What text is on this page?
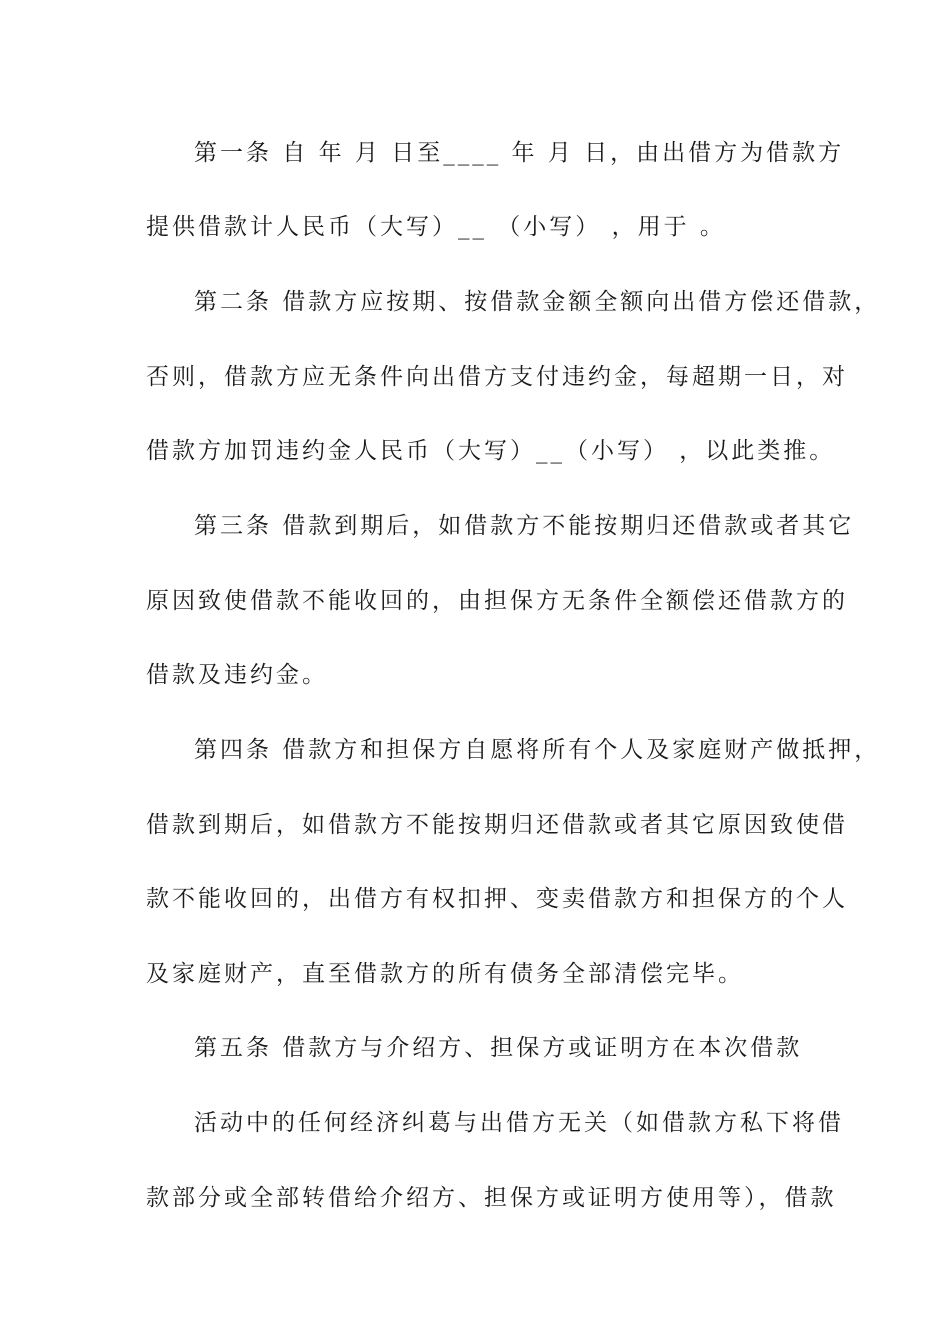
第一条 自 年 月 日至____ 年 月 日，由出借方为借款方
提供借款计人民币（大写）__ （小写） ，用于 。
第二条 借款方应按期、按借款金额全额向出借方偿还借款，
否则，借款方应无条件向出借方支付违约金，每超期一日，对
借款方加罚违约金人民币（大写）__（小写） ，以此类推。
第三条 借款到期后，如借款方不能按期归还借款或者其它
原因致使借款不能收回的，由担保方无条件全额偿还借款方的
借款及违约金。
第四条 借款方和担保方自愿将所有个人及家庭财产做抵押，
借款到期后，如借款方不能按期归还借款或者其它原因致使借
款不能收回的，出借方有权扣押、变卖借款方和担保方的个人
及家庭财产，直至借款方的所有债务全部清偿完毕。
第五条 借款方与介绍方、担保方或证明方在本次借款
活动中的任何经济纠葛与出借方无关（如借款方私下将借
款部分或全部转借给介绍方、担保方或证明方使用等），借款
